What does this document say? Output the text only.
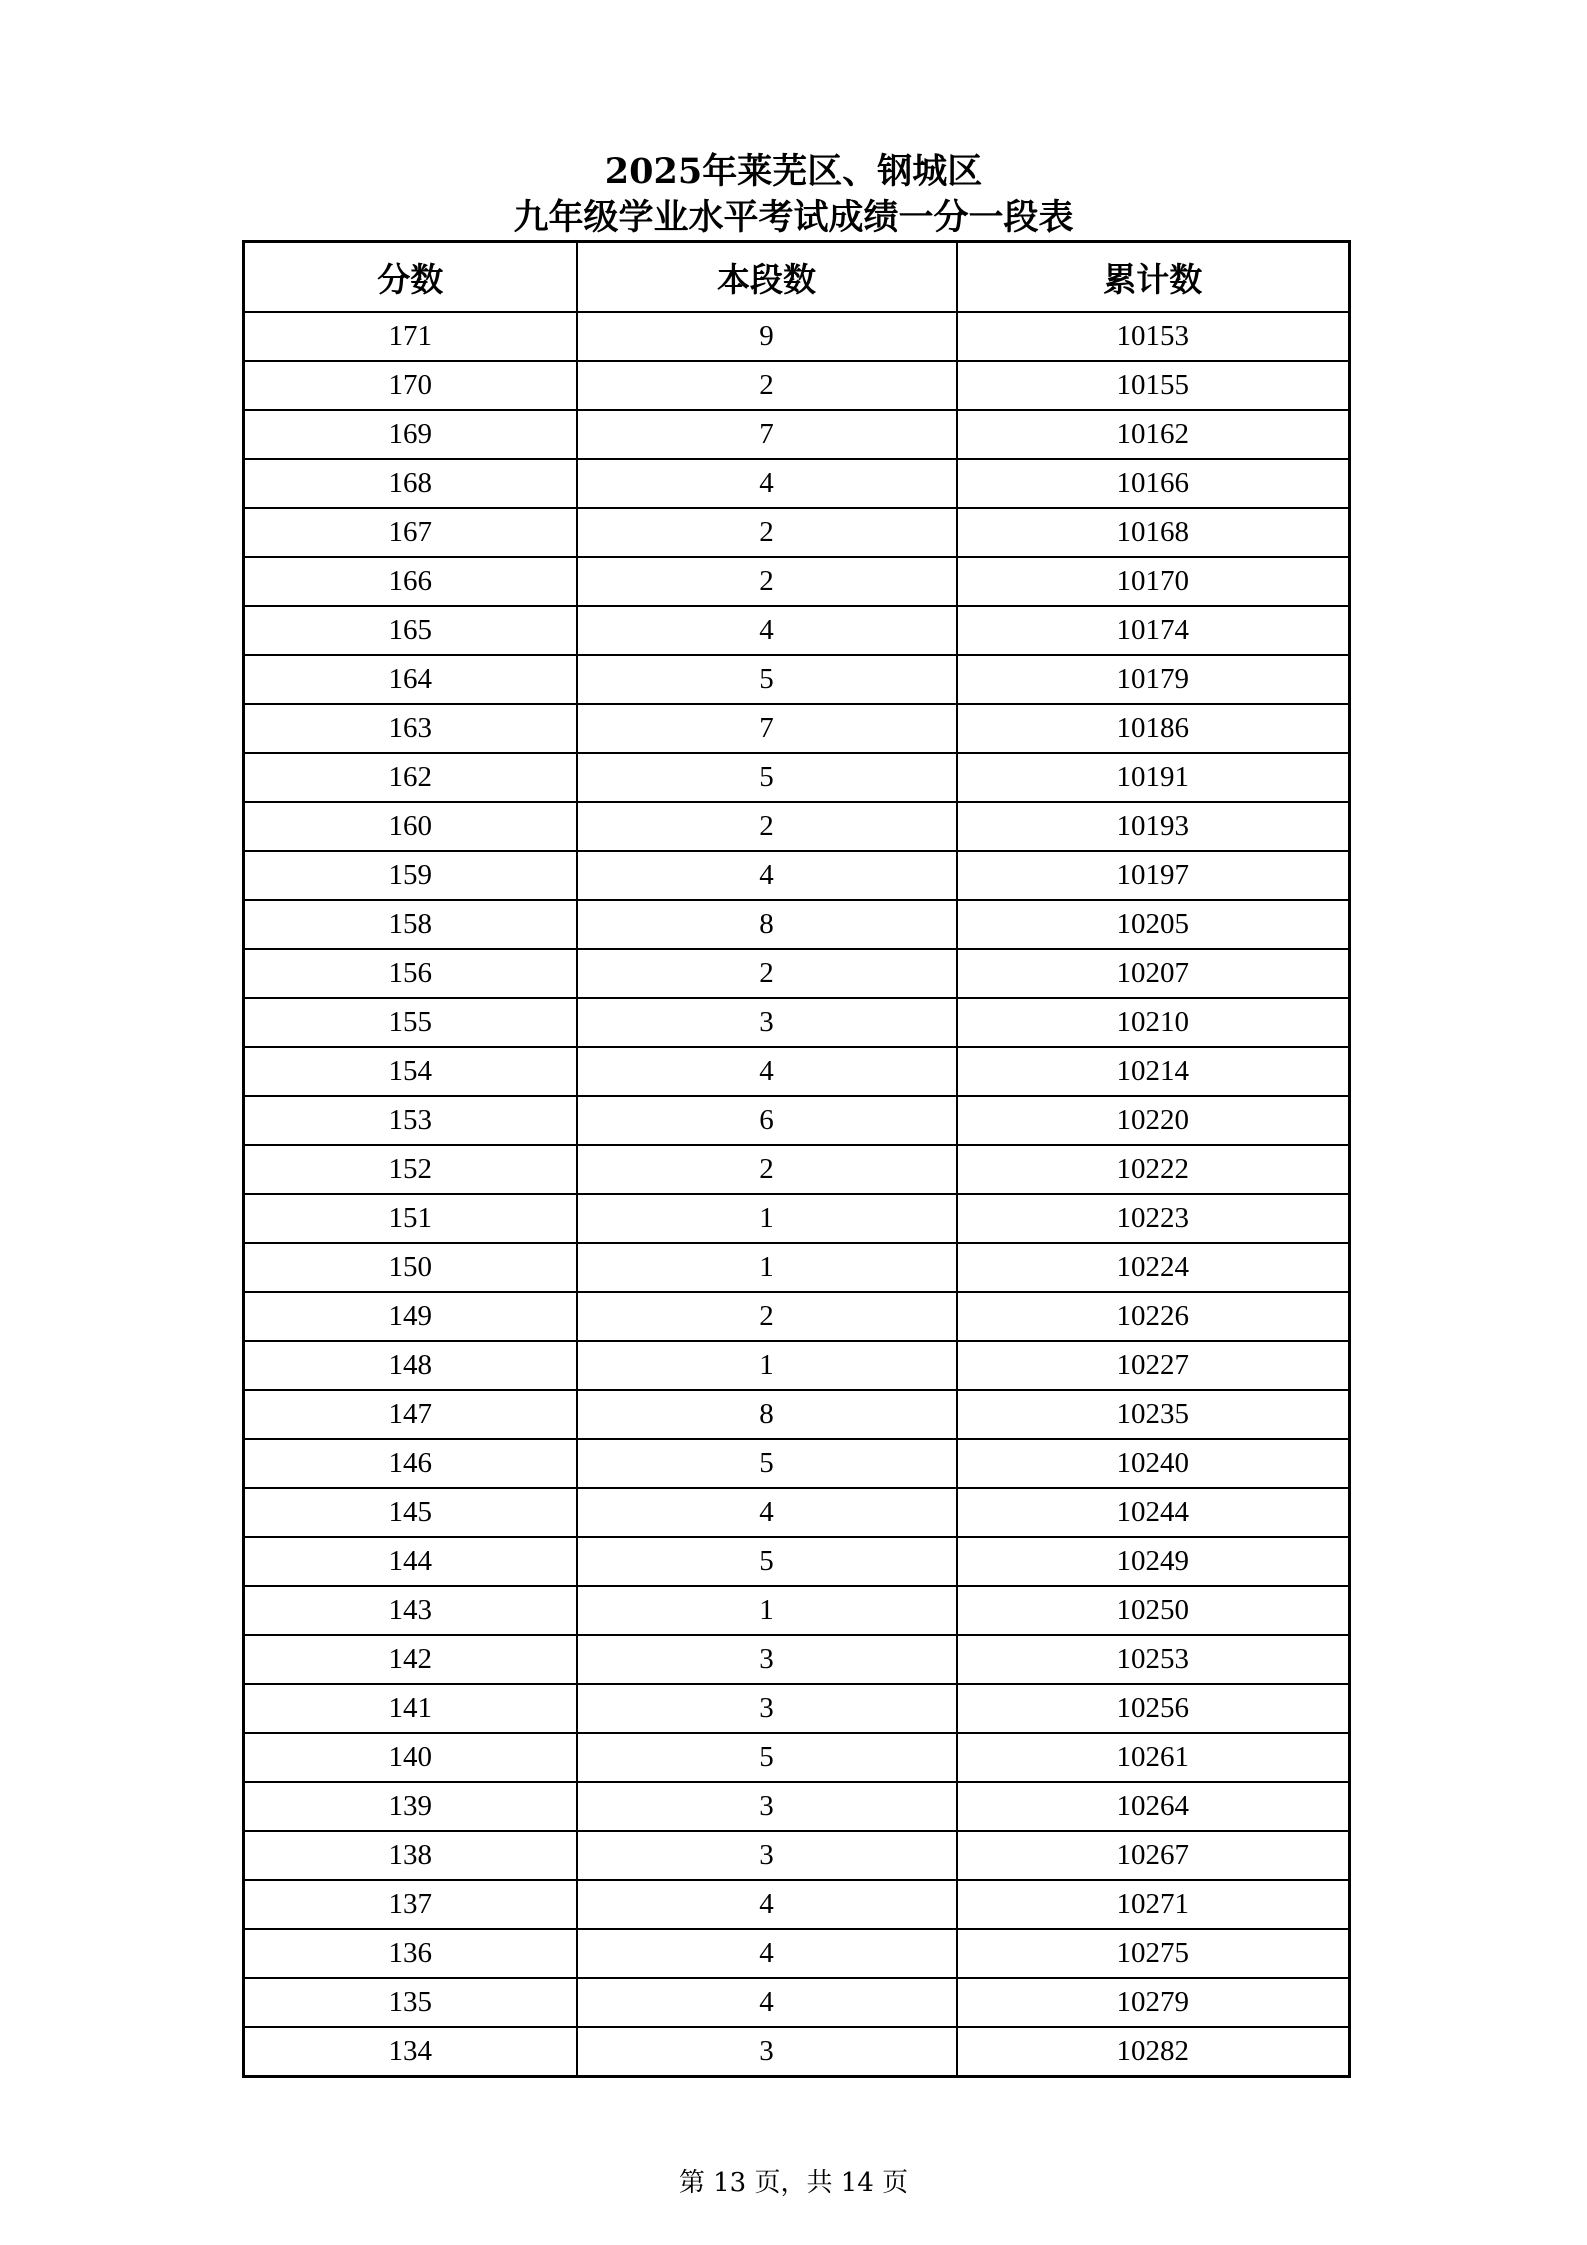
2025年莱芜区、钢城区
九年级学业水平考试成绩一分一段表
分数	本段数	累计数
171	9	10153
170	2	10155
169	7	10162
168	4	10166
167	2	10168
166	2	10170
165	4	10174
164	5	10179
163	7	10186
162	5	10191
160	2	10193
159	4	10197
158	8	10205
156	2	10207
155	3	10210
154	4	10214
153	6	10220
152	2	10222
151	1	10223
150	1	10224
149	2	10226
148	1	10227
147	8	10235
146	5	10240
145	4	10244
144	5	10249
143	1	10250
142	3	10253
141	3	10256
140	5	10261
139	3	10264
138	3	10267
137	4	10271
136	4	10275
135	4	10279
134	3	10282
第 13 页，共 14 页
